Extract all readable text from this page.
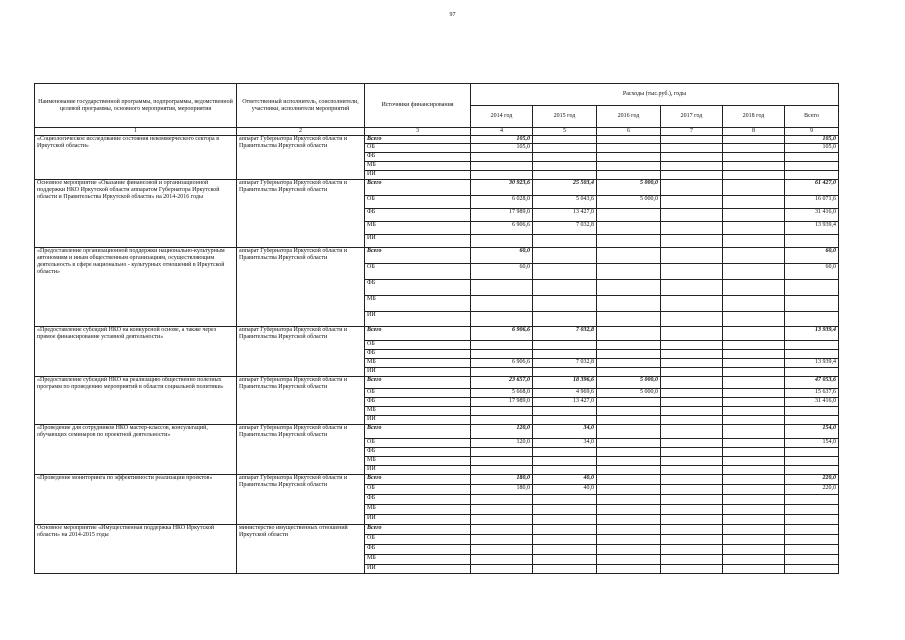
97
Наименование государственной программы, подпрограммы, ведомственной целевой программы, основного мероприятия, мероприятия	Ответственный исполнитель, соисполнители, участники, исполнители мероприятий	Источники финансирования	Расходы (тыс.руб.), годы					
			2014 год	2015 год	2016 год	2017 год	2018 год	Всего
1	2	3	4	5	6	7	8	9
«Социологическое исследование состояния некоммерческого сектора в Иркутской области»	аппарат Губернатора Иркутской области и Правительства Иркутской области	Всего	105,0					105,0
		ОБ	105,0					105,0
		ФБ						
		МБ						
		ИИ						
Основное мероприятие «Оказание финансовой и организационной поддержки НКО Иркутской области аппаратом Губернатора Иркутской области и Правительства Иркутской области» на 2014-2016 годы	аппарат Губернатора Иркутской области и Правительства Иркутской области	Всего	30 923,6	25 503,4	5 000,0			61 427,0
		ОБ	6 028,0	5 043,6	5 000,0			16 071,6
		ФБ	17 989,0	13 427,0				31 416,0
		МБ	6 906,6	7 032,8				13 939,4
		ИИ						
«Предоставление организационной поддержки национально-культурным автономиям и иным общественным организациям, осуществляющим деятельность в сфере национально - культурных отношений в Иркутской области»	аппарат Губернатора Иркутской области и Правительства Иркутской области	Всего	60,0					60,0
		ОБ	60,0					60,0
		ФБ						
		МБ						
		ИИ						
«Предоставление субсидий НКО на конкурсной основе, а также через прямое финансирование уставной деятельности»	аппарат Губернатора Иркутской области и Правительства Иркутской области	Всего	6 906,6	7 032,8				13 939,4
		ОБ						
		ФБ						
		МБ	6 906,6	7 032,8				13 939,4
		ИИ						
«Предоставление субсидий НКО на реализацию общественно полезных программ по проведению мероприятий в области социальной политики»	аппарат Губернатора Иркутской области и Правительства Иркутской области	Всего	23 657,0	18 396,6	5 000,0			47 053,6
		ОБ	5 668,0	4 969,6	5 000,0			15 637,6
		ФБ	17 989,0	13 427,0				31 416,0
		МБ						
		ИИ						
«Проведение для сотрудников НКО мастер-классов, консультаций, обучающих семинаров по проектной деятельности»	аппарат Губернатора Иркутской области и Правительства Иркутской области	Всего	120,0	34,0				154,0
		ОБ	120,0	34,0				154,0
		ФБ						
		МБ						
		ИИ						
«Проведение мониторинга по эффективности реализации проектов»	аппарат Губернатора Иркутской области и Правительства Иркутской области	Всего	180,0	40,0				220,0
		ОБ	180,0	40,0				220,0
		ФБ						
		МБ						
		ИИ						
Основное мероприятие «Имущественная поддержка НКО Иркутской области» на 2014-2015 годы	министерство имущественных отношений Иркутской области	Всего						
		ОБ						
		ФБ						
		МБ						
		ИИ						
